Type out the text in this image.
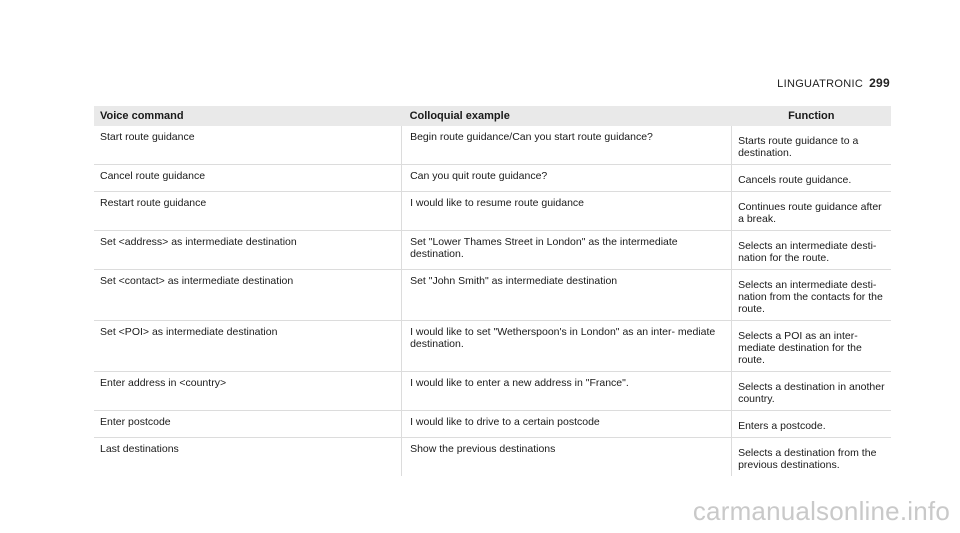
LINGUATRONIC 299
Voice command	Colloquial example	Function
Start route guidance	Begin route guidance/Can you start route guidance?	Starts route guidance to a destination.
Cancel route guidance	Can you quit route guidance?	Cancels route guidance.
Restart route guidance	I would like to resume route guidance	Continues route guidance after a break.
Set <address> as intermediate destination	Set "Lower Thames Street in London" as the intermediate destination.	Selects an intermediate desti- nation for the route.
Set <contact> as intermediate destination	Set "John Smith" as intermediate destination	Selects an intermediate desti- nation from the contacts for the route.
Set <POI> as intermediate destination	I would like to set "Wetherspoon's in London" as an inter- mediate destination.	Selects a POI as an inter- mediate destination for the route.
Enter address in <country>	I would like to enter a new address in "France".	Selects a destination in another country.
Enter postcode	I would like to drive to a certain postcode	Enters a postcode.
Last destinations	Show the previous destinations	Selects a destination from the previous destinations.
carmanualsonline.info
